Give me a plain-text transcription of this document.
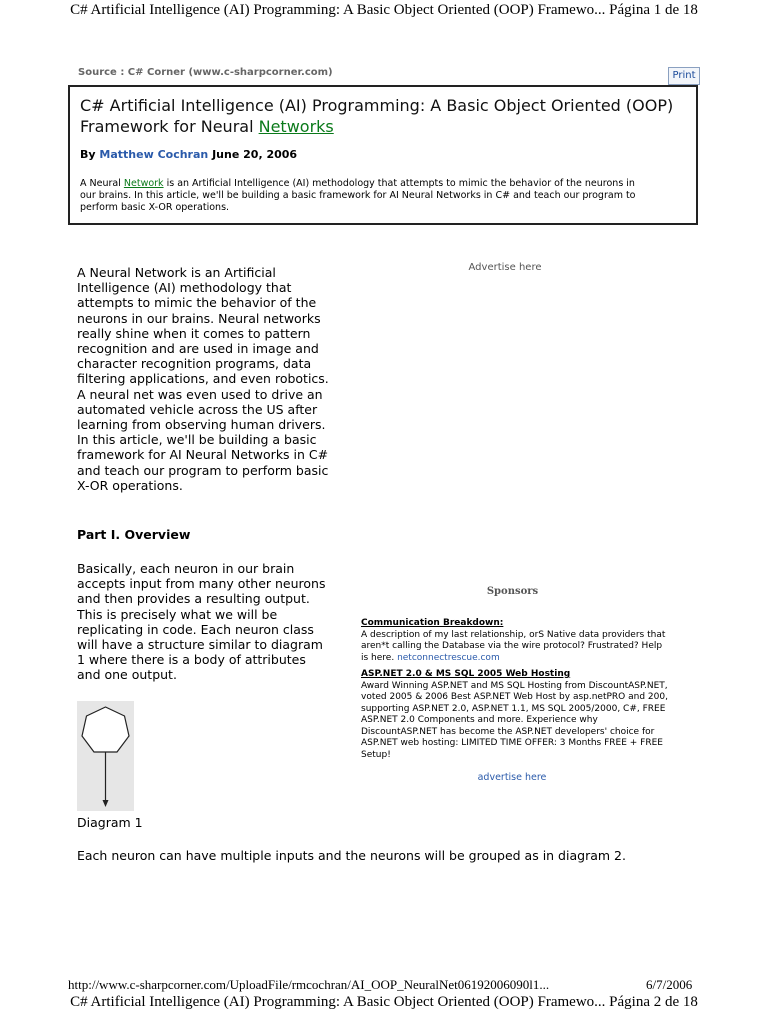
C# Artificial Intelligence (AI) Programming: A Basic Object Oriented (OOP) Framewo... Página 1 de 18
Source : C# Corner (www.c-sharpcorner.com)	Print
C# Artificial Intelligence (AI) Programming: A Basic Object Oriented (OOP) Framework for Neural Networks
By Matthew Cochran June 20, 2006
A Neural Network is an Artificial Intelligence (AI) methodology that attempts to mimic the behavior of the neurons in our brains. In this article, we'll be building a basic framework for AI Neural Networks in C# and teach our program to perform basic X-OR operations.
A Neural Network is an Artificial Intelligence (AI) methodology that attempts to mimic the behavior of the neurons in our brains. Neural networks really shine when it comes to pattern recognition and are used in image and character recognition programs, data filtering applications, and even robotics. A neural net was even used to drive an automated vehicle across the US after learning from observing human drivers. In this article, we'll be building a basic framework for AI Neural Networks in C# and teach our program to perform basic X-OR operations.
Advertise here
Part I. Overview
Basically, each neuron in our brain accepts input from many other neurons and then provides a resulting output. This is precisely what we will be replicating in code. Each neuron class will have a structure similar to diagram 1 where there is a body of attributes and one output.
Sponsors
Communication Breakdown:
A description of my last relationship, orS Native data providers that aren*t calling the Database via the wire protocol? Frustrated? Help is here. netconnectrescue.com
ASP.NET 2.0 & MS SQL 2005 Web Hosting
Award Winning ASP.NET and MS SQL Hosting from DiscountASP.NET, voted 2005 & 2006 Best ASP.NET Web Host by asp.netPRO and 200, supporting ASP.NET 2.0, ASP.NET 1.1, MS SQL 2005/2000, C#, FREE ASP.NET 2.0 Components and more. Experience why DiscountASP.NET has become the ASP.NET developers' choice for ASP.NET web hosting: LIMITED TIME OFFER: 3 Months FREE + FREE Setup!
advertise here
Diagram 1
Each neuron can have multiple inputs and the neurons will be grouped as in diagram 2.
http://www.c-sharpcorner.com/UploadFile/rmcochran/AI_OOP_NeuralNet06192006090l1...	6/7/2006
C# Artificial Intelligence (AI) Programming: A Basic Object Oriented (OOP) Framewo... Página 2 de 18
